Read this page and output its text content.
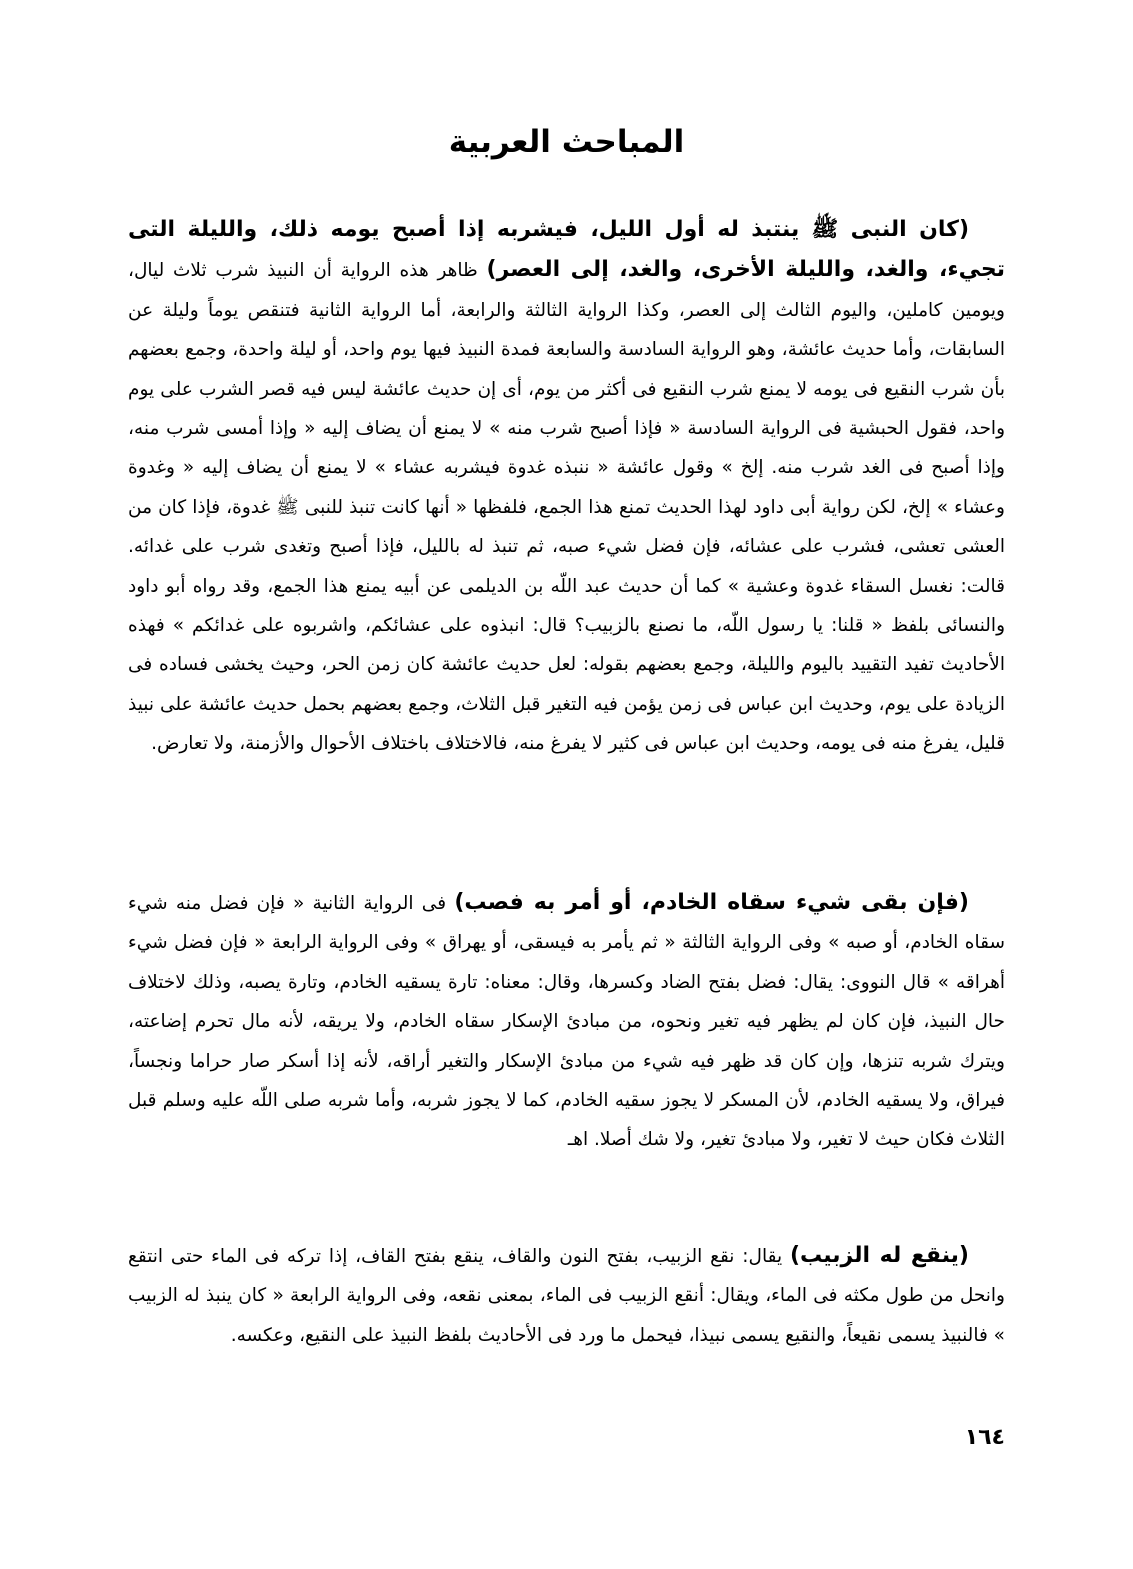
المباحث العربية

(كان النبى ﷺ ينتبذ له أول الليل، فيشربه إذا أصبح يومه ذلك، والليلة التى تجيء، والغد، والليلة الأخرى، والغد، إلى العصر) ظاهر هذه الرواية أن النبيذ شرب ثلاث ليال، ويومين كاملين، واليوم الثالث إلى العصر، وكذا الرواية الثالثة والرابعة، أما الرواية الثانية فتنقص يوماً وليلة عن السابقات، وأما حديث عائشة، وهو الرواية السادسة والسابعة فمدة النبيذ فيها يوم واحد، أو ليلة واحدة، وجمع بعضهم بأن شرب النقيع فى يومه لا يمنع شرب النقيع فى أكثر من يوم، أى إن حديث عائشة ليس فيه قصر الشرب على يوم واحد، فقول الحبشية فى الرواية السادسة « فإذا أصبح شرب منه » لا يمنع أن يضاف إليه « وإذا أمسى شرب منه، وإذا أصبح فى الغد شرب منه. إلخ » وقول عائشة « ننبذه غدوة فيشربه عشاء » لا يمنع أن يضاف إليه « وغدوة وعشاء » إلخ، لكن رواية أبى داود لهذا الحديث تمنع هذا الجمع، فلفظها « أنها كانت تنبذ للنبى ﷺ غدوة، فإذا كان من العشى تعشى، فشرب على عشائه، فإن فضل شيء صبه، ثم تنبذ له بالليل، فإذا أصبح وتغدى شرب على غدائه. قالت: نغسل السقاء غدوة وعشية » كما أن حديث عبد اللّه بن الديلمى عن أبيه يمنع هذا الجمع، وقد رواه أبو داود والنسائى بلفظ « قلنا: يا رسول اللّه، ما نصنع بالزبيب؟ قال: انبذوه على عشائكم، واشربوه على غدائكم » فهذه الأحاديث تفيد التقييد باليوم والليلة، وجمع بعضهم بقوله: لعل حديث عائشة كان زمن الحر، وحيث يخشى فساده فى الزيادة على يوم، وحديث ابن عباس فى زمن يؤمن فيه التغير قبل الثلاث، وجمع بعضهم بحمل حديث عائشة على نبيذ قليل، يفرغ منه فى يومه، وحديث ابن عباس فى كثير لا يفرغ منه، فالاختلاف باختلاف الأحوال والأزمنة، ولا تعارض.

(فإن بقى شيء سقاه الخادم، أو أمر به فصب) فى الرواية الثانية « فإن فضل منه شيء سقاه الخادم، أو صبه » وفى الرواية الثالثة « ثم يأمر به فيسقى، أو يهراق » وفى الرواية الرابعة « فإن فضل شيء أهراقه » قال النووى: يقال: فضل بفتح الضاد وكسرها، وقال: معناه: تارة يسقيه الخادم، وتارة يصبه، وذلك لاختلاف حال النبيذ، فإن كان لم يظهر فيه تغير ونحوه، من مبادئ الإسكار سقاه الخادم، ولا يريقه، لأنه مال تحرم إضاعته، ويترك شربه تنزها، وإن كان قد ظهر فيه شيء من مبادئ الإسكار والتغير أراقه، لأنه إذا أسكر صار حراما ونجساً، فيراق، ولا يسقيه الخادم، لأن المسكر لا يجوز سقيه الخادم، كما لا يجوز شربه، وأما شربه صلى اللّه عليه وسلم قبل الثلاث فكان حيث لا تغير، ولا مبادئ تغير، ولا شك أصلا. اهـ

(ينقع له الزبيب) يقال: نقع الزبيب، بفتح النون والقاف، ينقع بفتح القاف، إذا تركه فى الماء حتى انتقع وانحل من طول مكثه فى الماء، ويقال: أنقع الزبيب فى الماء، بمعنى نقعه، وفى الرواية الرابعة « كان ينبذ له الزبيب » فالنبيذ يسمى نقيعاً، والنقيع يسمى نبيذا، فيحمل ما ورد فى الأحاديث بلفظ النبيذ على النقيع، وعكسه.

١٦٤
